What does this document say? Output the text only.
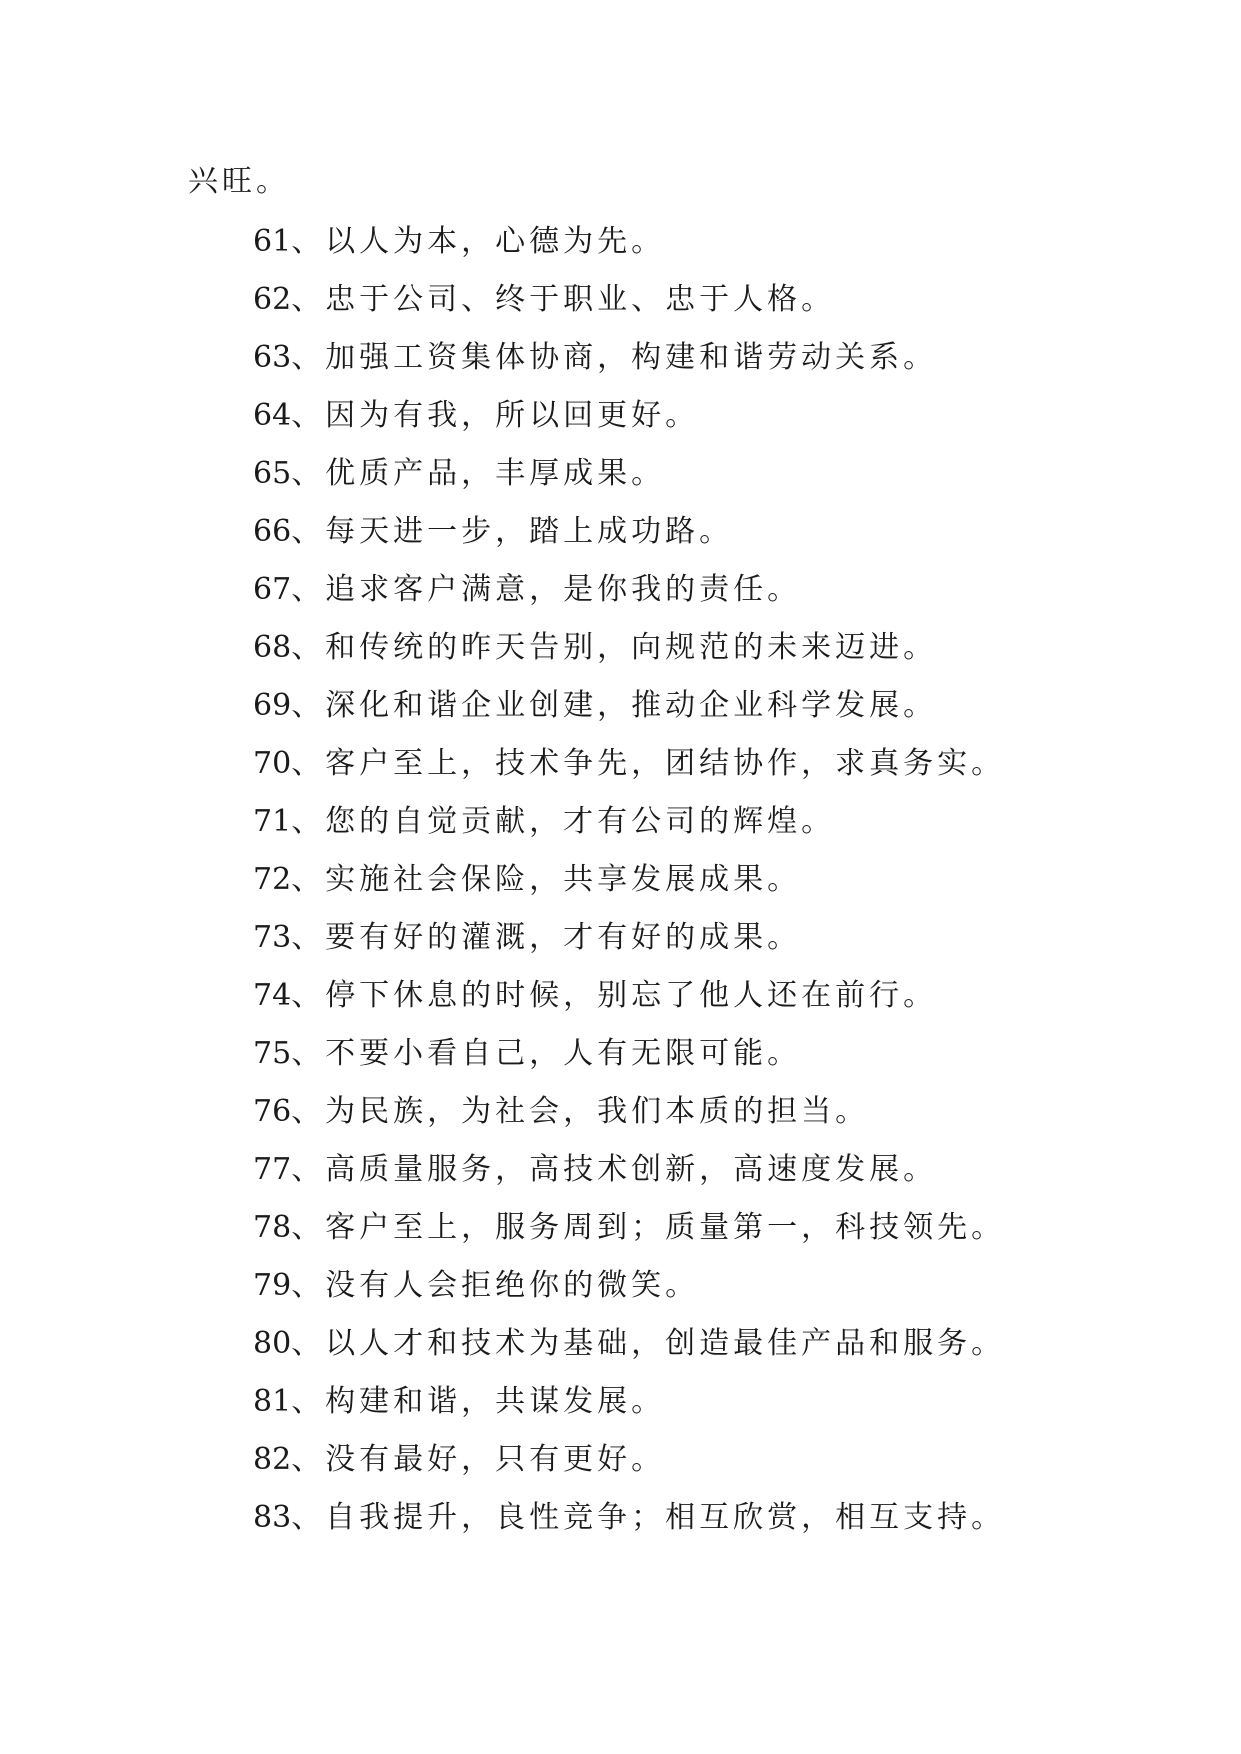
兴旺。
61、以人为本，心德为先。
62、忠于公司、终于职业、忠于人格。
63、加强工资集体协商，构建和谐劳动关系。
64、因为有我，所以回更好。
65、优质产品，丰厚成果。
66、每天进一步，踏上成功路。
67、追求客户满意，是你我的责任。
68、和传统的昨天告别，向规范的未来迈进。
69、深化和谐企业创建，推动企业科学发展。
70、客户至上，技术争先，团结协作，求真务实。
71、您的自觉贡献，才有公司的辉煌。
72、实施社会保险，共享发展成果。
73、要有好的灌溉，才有好的成果。
74、停下休息的时候，别忘了他人还在前行。
75、不要小看自己，人有无限可能。
76、为民族，为社会，我们本质的担当。
77、高质量服务，高技术创新，高速度发展。
78、客户至上，服务周到；质量第一，科技领先。
79、没有人会拒绝你的微笑。
80、以人才和技术为基础，创造最佳产品和服务。
81、构建和谐，共谋发展。
82、没有最好，只有更好。
83、自我提升，良性竞争；相互欣赏，相互支持。
